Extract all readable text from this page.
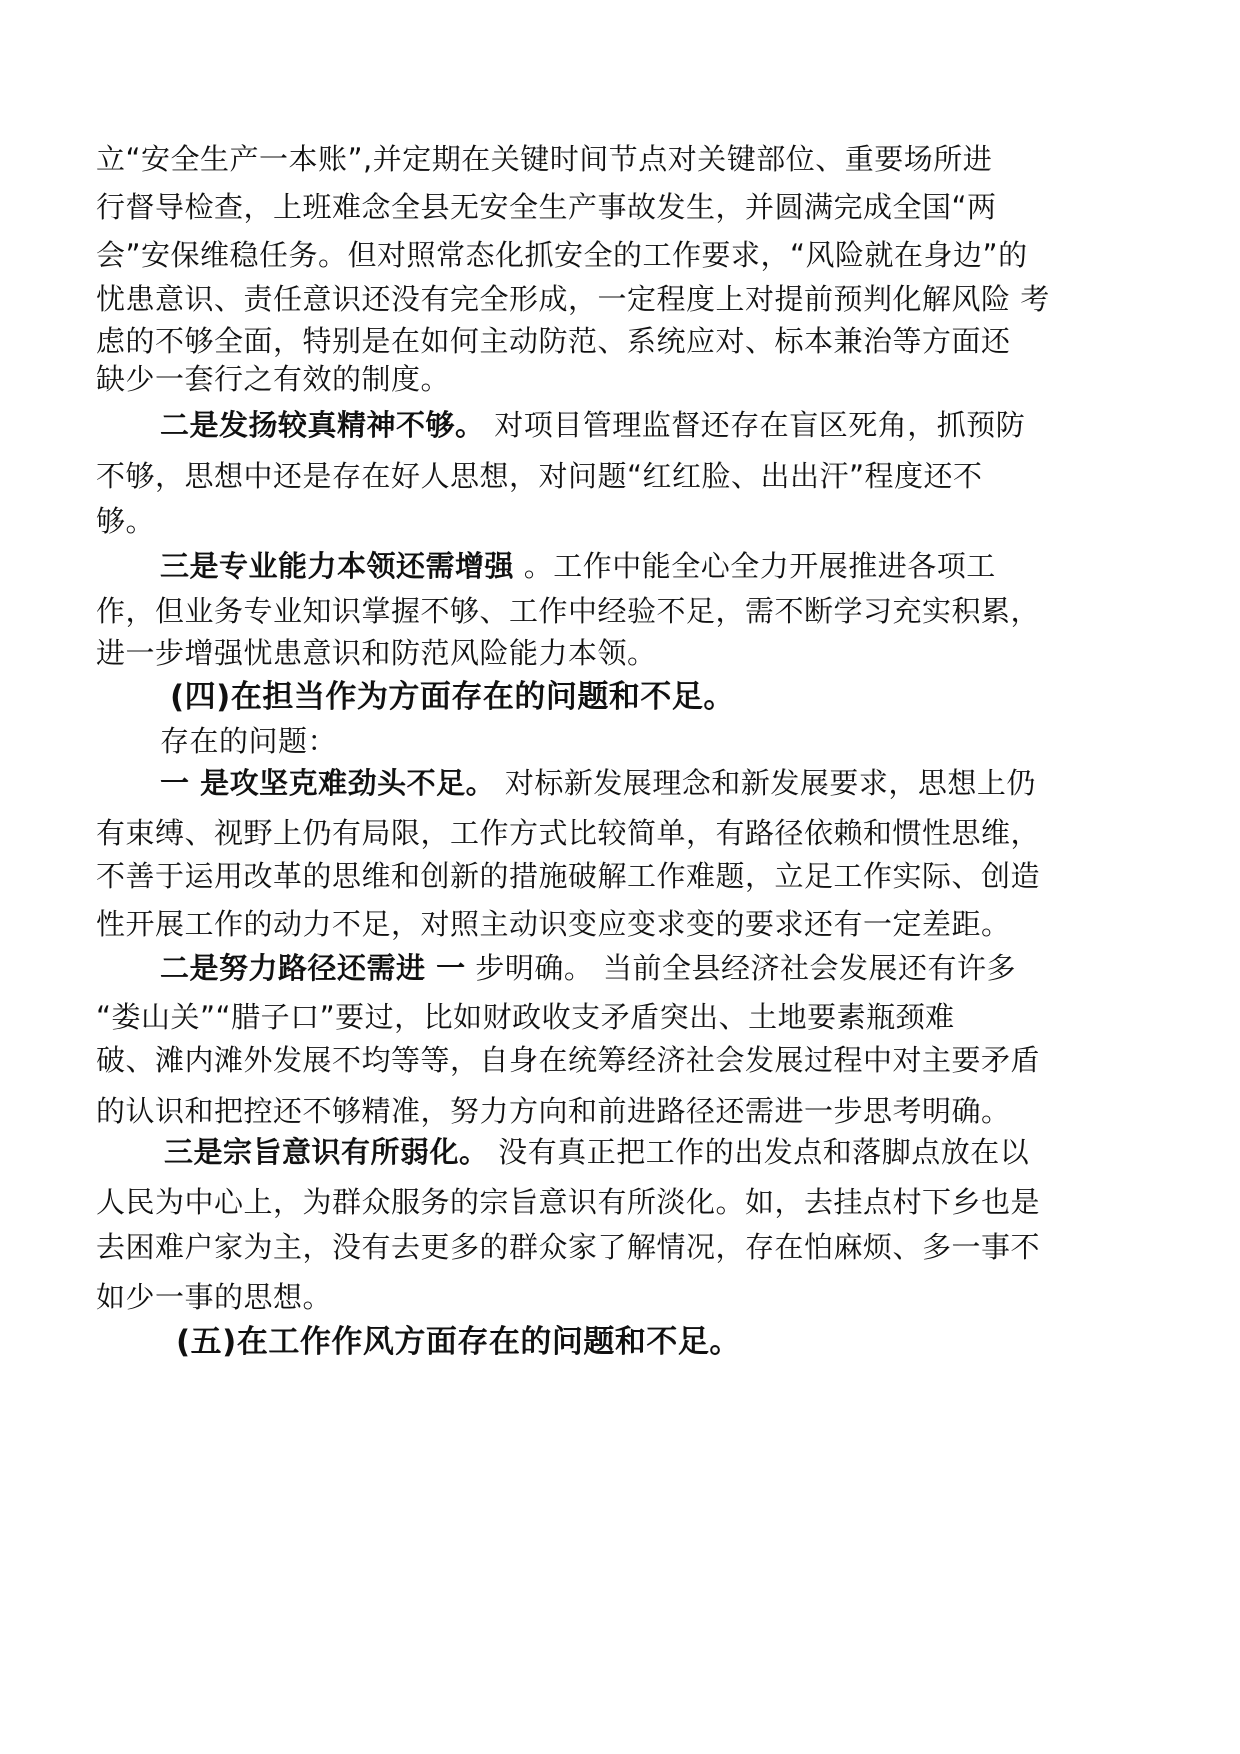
立“安全生产一本账”,并定期在关键时间节点对关键部位、重要场所进
行督导检查，上班难念全县无安全生产事故发生，并圆满完成全国“两
会”安保维稳任务。但对照常态化抓安全的工作要求，“风险就在身边”的
忧患意识、责任意识还没有完全形成，一定程度上对提前预判化解风险 考
虑的不够全面，特别是在如何主动防范、系统应对、标本兼治等方面还
缺少一套行之有效的制度。
二是发扬较真精神不够。 对项目管理监督还存在盲区死角，抓预防
不够，思想中还是存在好人思想，对问题“红红脸、出出汗”程度还不
够。
三是专业能力本领还需增强 。工作中能全心全力开展推进各项工
作，但业务专业知识掌握不够、工作中经验不足，需不断学习充实积累，
进一步增强忧患意识和防范风险能力本领。
(四)在担当作为方面存在的问题和不足。
存在的问题：
一 是攻坚克难劲头不足。 对标新发展理念和新发展要求，思想上仍
有束缚、视野上仍有局限，工作方式比较简单，有路径依赖和惯性思维，
不善于运用改革的思维和创新的措施破解工作难题，立足工作实际、创造
性开展工作的动力不足，对照主动识变应变求变的要求还有一定差距。
二是努力路径还需进 一 步明确。 当前全县经济社会发展还有许多
“娄山关”“腊子口”要过，比如财政收支矛盾突出、土地要素瓶颈难
破、滩内滩外发展不均等等，自身在统筹经济社会发展过程中对主要矛盾
的认识和把控还不够精准，努力方向和前进路径还需进一步思考明确。
三是宗旨意识有所弱化。 没有真正把工作的出发点和落脚点放在以
人民为中心上，为群众服务的宗旨意识有所淡化。如，去挂点村下乡也是
去困难户家为主，没有去更多的群众家了解情况，存在怕麻烦、多一事不
如少一事的思想。
(五)在工作作风方面存在的问题和不足。
